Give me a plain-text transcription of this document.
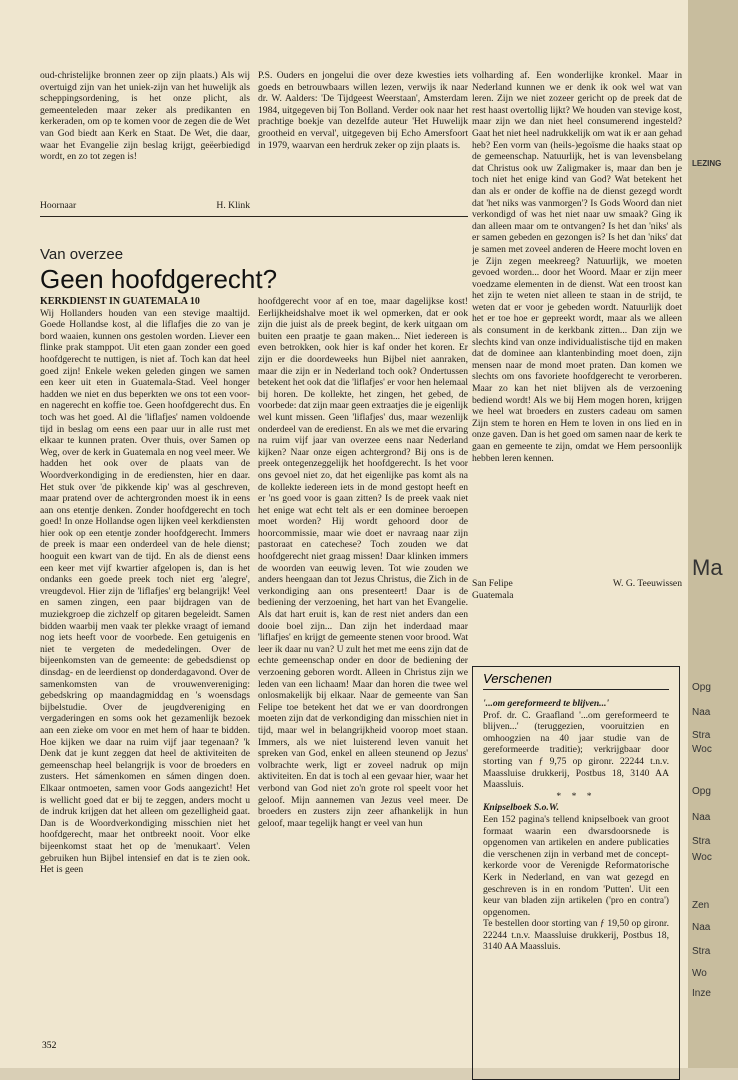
oud-christelijke bronnen zeer op zijn plaats.) Als wij overtuigd zijn van het uniek-zijn van het huwelijk als scheppingsordening, is het onze plicht, als gemeenteleden maar zeker als predikanten en kerkeraden, om op te komen voor de zegen die de Wet van God biedt aan Kerk en Staat. De Wet, die daar, waar het Evangelie zijn beslag krijgt, geëerbiedigd wordt, en zo tot zegen is!

P.S. Ouders en jongelui die over deze kwesties iets goeds en betrouwbaars willen lezen, verwijs ik naar dr. W. Aalders: 'De Tijdgeest Weerstaan', Amsterdam 1984, uitgegeven bij Ton Bolland. Verder ook naar het prachtige boekje van dezelfde auteur 'Het Huwelijk grootheid en verval', uitgegeven bij Echo Amersfoort in 1979, waarvan een herdruk zeker op zijn plaats is.

Hoornaar	H. Klink
Van overzee
Geen hoofdgerecht?

KERKDIENST IN GUATEMALA 10

Wij Hollanders houden van een stevige maaltijd. Goede Hollandse kost, al die liflafjes die zo van je bord waaien, kunnen ons gestolen worden. Liever een flinke prak stamppot. Uit eten gaan zonder een goed hoofdgerecht te nuttigen, is niet af. Toch kan dat heel goed zijn! Enkele weken geleden gingen we samen een keer uit eten in Guatemala-Stad. Veel honger hadden we niet en dus beperkten we ons tot een voor- en nagerecht en koffie toe. Geen hoofdgerecht dus. En toch was het goed. Al die 'liflafjes' namen voldoende tijd in beslag om eens een paar uur in alle rust met elkaar te kunnen praten. Over thuis, over Samen op Weg, over de kerk in Guatemala en nog veel meer. We hadden het ook over de plaats van de Woordverkondiging in de erediensten, hier en daar. Het stuk over 'de pikkende kip' was al geschreven, maar pratend over de achtergronden moest ik in eens aan ons etentje denken. Zonder hoofdgerecht en toch goed! In onze Hollandse ogen lijken veel kerkdiensten hier ook op een etentje zonder hoofdgerecht. Immers de preek is maar een onderdeel van de hele dienst; hooguit een kwart van de tijd. En als de dienst eens een keer met vijf kwartier afgelopen is, dan is het ondanks een goede preek toch niet erg 'alegre', vreugdevol. Hier zijn de 'liflafjes' erg belangrijk! Veel en samen zingen, een paar bijdragen van de muziekgroep die zichzelf op gitaren begeleidt. Samen bidden waarbij men vaak ter plekke vraagt of iemand nog iets heeft voor de voorbede. Een getuigenis en niet te vergeten de mededelingen. Over de bijeenkomsten van de gemeente: de gebedsdienst op dinsdag- en de leerdienst op donderdagavond. Over de samenkomsten van de vrouwenvereniging: gebedskring op maandagmiddag en 's woensdags bijbelstudie. Over de jeugdvereniging en vergaderingen en soms ook het gezamenlijk bezoek aan een zieke om voor en met hem of haar te bidden. Hoe kijken we daar na ruim vijf jaar tegenaan? 'k Denk dat je kunt zeggen dat heel de aktiviteiten de gemeenschap heel belangrijk is voor de broeders en zusters. Het sámenkomen en sámen dingen doen. Elkaar ontmoeten, samen voor Gods aangezicht! Het is wellicht goed dat er bij te zeggen, anders mocht u de indruk krijgen dat het alleen om gezelligheid gaat. Dan is de Woordverkondiging misschien niet het hoofdgerecht, maar het ontbreekt nooit. Voor elke bijeenkomst staat het op de 'menukaart'. Velen gebruiken hun Bijbel intensief en dat is te zien ook. Het is geen

hoofdgerecht voor af en toe, maar dagelijkse kost! Eerlijkheidshalve moet ik wel opmerken, dat er ook zijn die juist als de preek begint, de kerk uitgaan om buiten een praatje te gaan maken... Niet iedereen is even betrokken, ook hier is kaf onder het koren. Er zijn er die doordeweeks hun Bijbel niet aanraken, maar die zijn er in Nederland toch ook? Ondertussen betekent het ook dat die 'liflafjes' er voor hen helemaal bij horen. De kollekte, het zingen, het gebed, de voorbede: dat zijn maar geen extraatjes die je eigenlijk wel kunt missen. Geen 'liflafjes' dus, maar wezenlijk onderdeel van de eredienst. En als we met die ervaring na ruim vijf jaar van overzee eens naar Nederland kijken? Naar onze eigen achtergrond? Bij ons is de preek ontegenzeggelijk het hoofdgerecht. Is het voor ons gevoel niet zo, dat het eigenlijke pas komt als na de kollekte iedereen iets in de mond gestopt heeft en er 'ns goed voor is gaan zitten? Is de preek vaak niet het enige wat echt telt als er een dominee beroepen moet worden? Hij wordt gehoord door de hoorcommissie, maar wie doet er navraag naar zijn pastoraat en catechese? Toch zouden we dat hoofdgerecht niet graag missen! Daar klinken immers de woorden van eeuwig leven. Tot wie zouden we anders heengaan dan tot Jezus Christus, die Zich in de verkondiging aan ons presenteert! Daar is de bediening der verzoening, het hart van het Evangelie. Als dat hart eruit is, kan de rest niet anders dan een dooie boel zijn... Dan zijn het inderdaad maar 'liflafjes' en krijgt de gemeente stenen voor brood. Wat leer ik daar nu van? U zult het met me eens zijn dat de echte gemeenschap onder en door de bediening der verzoening geboren wordt. Alleen in Christus zijn we leden van een lichaam! Maar dan horen die twee wel onlosmakelijk bij elkaar. Naar de gemeente van San Felipe toe betekent het dat we er van doordrongen moeten zijn dat de verkondiging dan misschien niet in tijd, maar wel in belangrijkheid voorop moet staan. Immers, als we niet luisterend leven vanuit het spreken van God, enkel en alleen steunend op Jezus' volbrachte werk, ligt er zoveel nadruk op mijn aktiviteiten. En dat is toch al een gevaar hier, waar het verbond van God niet zo'n grote rol speelt voor het geloof. Mijn aannemen van Jezus veel meer. De broeders en zusters zijn zeer afhankelijk in hun geloof, maar tegelijk hangt er veel van hun

volharding af. Een wonderlijke kronkel. Maar in Nederland kunnen we er denk ik ook wel wat van leren. Zijn we niet zozeer gericht op de preek dat de rest haast overtollig lijkt? We houden van stevige kost, maar zijn we dan niet heel consumerend ingesteld? Gaat het niet heel nadrukkelijk om wat ik er aan gehad heb? Een vorm van (heils-)egoïsme die haaks staat op de gemeenschap. Natuurlijk, het is van levensbelang dat Christus ook uw Zaligmaker is, maar dan ben je toch niet het enige kind van God? Wat betekent het dan als er onder de koffie na de dienst gezegd wordt dat 'het niks was vanmorgen'? Is Gods Woord dan niet verkondigd of was het niet naar uw smaak? Ging ik dan alleen maar om te ontvangen? Is het dan 'niks' als er samen gebeden en gezongen is? Is het dan 'niks' dat je samen met zoveel anderen de Heere mocht loven en je Zijn zegen meekreeg? Natuurlijk, we moeten gevoed worden... door het Woord. Maar er zijn meer voedzame elementen in de dienst. Wat een troost kan het zijn te weten niet alleen te staan in de strijd, te weten dat er voor je gebeden wordt. Natuurlijk doet het er toe hoe er gepreekt wordt, maar als we alleen als consument in de kerkbank zitten... Dan zijn we slechts kind van onze individualistische tijd en maken dat de dominee aan klantenbinding moet doen, zijn mensen naar de mond moet praten. Dan komen we slechts om ons favoriete hoofdgerecht te verorberen. Maar zo kan het niet blijven als de verzoening bediend wordt! Als we bij Hem mogen horen, krijgen we heel wat broeders en zusters cadeau om samen Zijn stem te horen en Hem te loven in ons lied en in onze gaven. Dan is het goed om samen naar de kerk te gaan en gemeente te zijn, omdat we Hem persoonlijk hebben leren kennen.

San Felipe	W. G. Teeuwissen
Guatemala
Verschenen

'...om gereformeerd te blijven...'

Prof. dr. C. Graafland '...om gereformeerd te blijven...' (teruggezien, vooruitzien en omhoogzien na 40 jaar studie van de gereformeerde traditie); verkrijgbaar door storting van ƒ 9,75 op gironr. 22244 t.n.v. Maassluise drukkerij, Postbus 18, 3140 AA Maassluis.

* * *

Knipselboek S.o.W.

Een 152 pagina's tellend knipselboek van groot formaat waarin een dwarsdoorsnede is opgenomen van artikelen en andere publicaties die verschenen zijn in verband met de concept-kerkorde voor de Verenigde Reformatorische Kerk in Nederland, en van wat gezegd en geschreven is in en rondom 'Putten'. Uit een keur van bladen zijn artikelen ('pro en contra') opgenomen.

Te bestellen door storting van ƒ 19,50 op gironr. 22244 t.n.v. Maassluise drukkerij, Postbus 18, 3140 AA Maassluis.

352
LEZING
Ma
Opg
Naa
Stra
Woc
Opg
Naa
Stra
Woc
Zen
Naa
Stra
Wo
Inze
